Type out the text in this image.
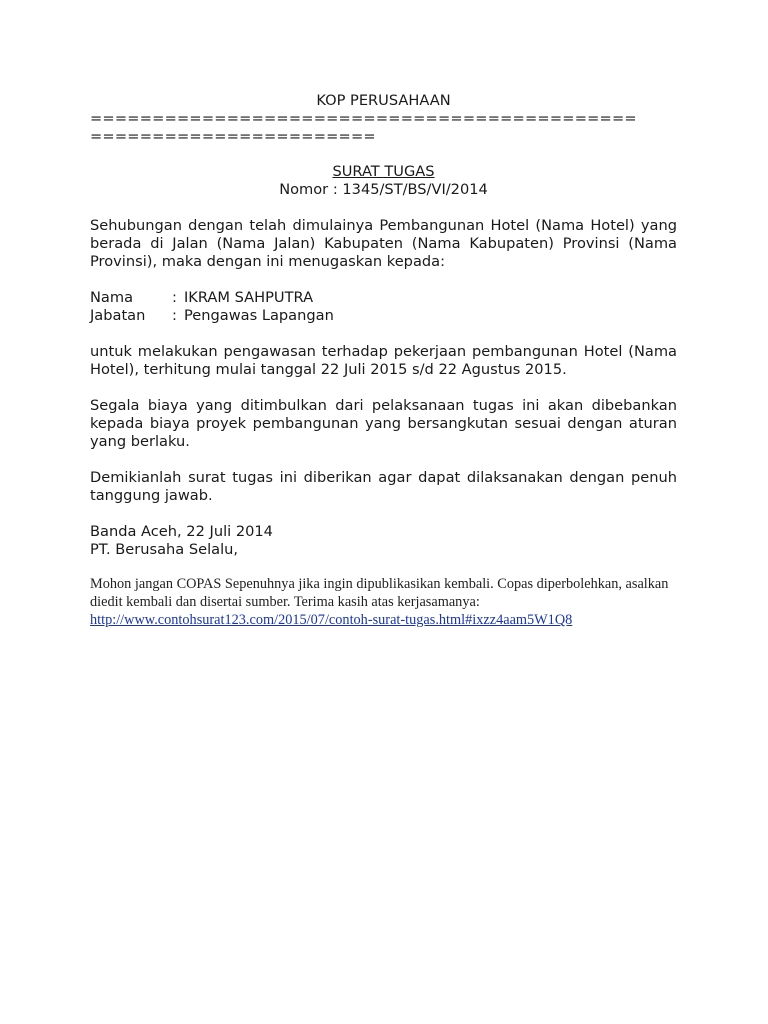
KOP PERUSAHAAN
============================================
=======================
SURAT TUGAS
Nomor : 1345/ST/BS/VI/2014

Sehubungan dengan telah dimulainya Pembangunan Hotel (Nama Hotel) yang berada di Jalan (Nama Jalan) Kabupaten (Nama Kabupaten) Provinsi (Nama Provinsi), maka dengan ini menugaskan kepada:

Nama	: IKRAM SAHPUTRA
Jabatan	: Pengawas Lapangan

untuk melakukan pengawasan terhadap pekerjaan pembangunan Hotel (Nama Hotel), terhitung mulai tanggal 22 Juli 2015 s/d 22 Agustus 2015.

Segala biaya yang ditimbulkan dari pelaksanaan tugas ini akan dibebankan kepada biaya proyek pembangunan yang bersangkutan sesuai dengan aturan yang berlaku.

Demikianlah surat tugas ini diberikan agar dapat dilaksanakan dengan penuh tanggung jawab.

Banda Aceh, 22 Juli 2014
PT. Berusaha Selalu,
Mohon jangan COPAS Sepenuhnya jika ingin dipublikasikan kembali. Copas diperbolehkan, asalkan diedit kembali dan disertai sumber. Terima kasih atas kerjasamanya:
http://www.contohsurat123.com/2015/07/contoh-surat-tugas.html#ixzz4aam5W1Q8
